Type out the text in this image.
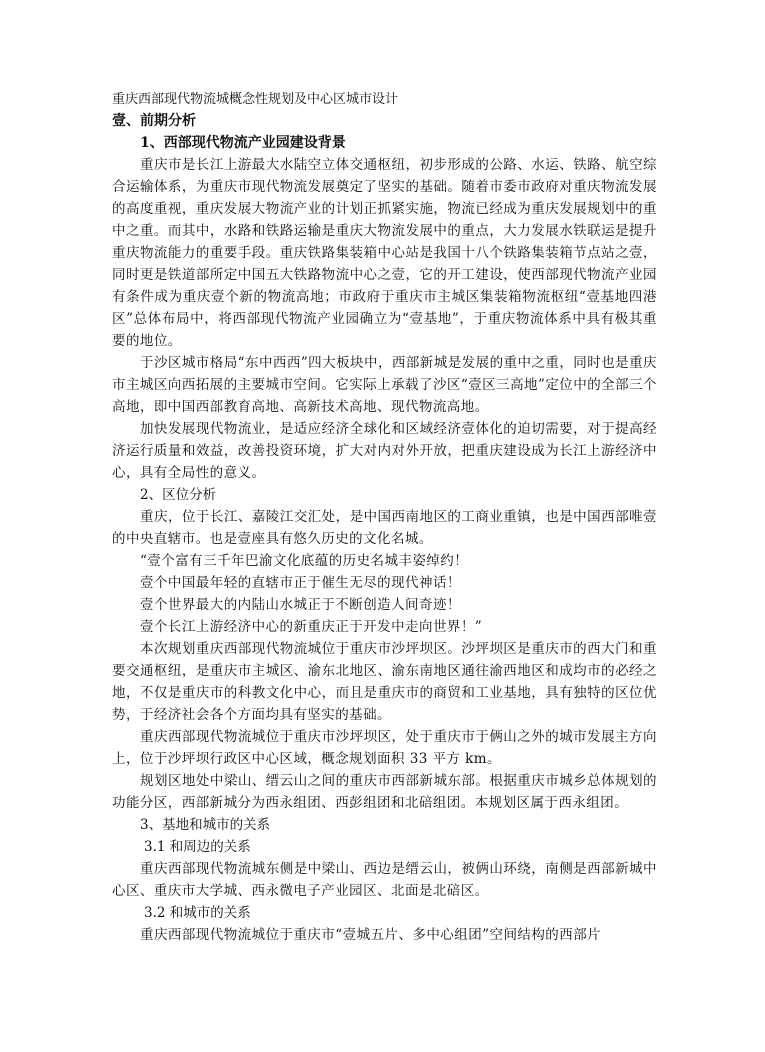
重庆西部现代物流城概念性规划及中心区城市设计
壹、前期分析
1、西部现代物流产业园建设背景

重庆市是长江上游最大水陆空立体交通枢纽，初步形成的公路、水运、铁路、航空综合运输体系，为重庆市现代物流发展奠定了坚实的基础。随着市委市政府对重庆物流发展的高度重视，重庆发展大物流产业的计划正抓紧实施，物流已经成为重庆发展规划中的重中之重。而其中，水路和铁路运输是重庆大物流发展中的重点，大力发展水铁联运是提升重庆物流能力的重要手段。重庆铁路集装箱中心站是我国十八个铁路集装箱节点站之壹，同时更是铁道部所定中国五大铁路物流中心之壹，它的开工建设，使西部现代物流产业园有条件成为重庆壹个新的物流高地；市政府于重庆市主城区集装箱物流枢纽“壹基地四港区”总体布局中，将西部现代物流产业园确立为“壹基地”，于重庆物流体系中具有极其重要的地位。

于沙区城市格局“东中西西”四大板块中，西部新城是发展的重中之重，同时也是重庆市主城区向西拓展的主要城市空间。它实际上承载了沙区“壹区三高地”定位中的全部三个高地，即中国西部教育高地、高新技术高地、现代物流高地。

加快发展现代物流业，是适应经济全球化和区域经济壹体化的迫切需要，对于提高经济运行质量和效益，改善投资环境，扩大对内对外开放，把重庆建设成为长江上游经济中心，具有全局性的意义。

2、区位分析

重庆，位于长江、嘉陵江交汇处，是中国西南地区的工商业重镇，也是中国西部唯壹的中央直辖市。也是壹座具有悠久历史的文化名城。

“壹个富有三千年巴渝文化底蕴的历史名城丰姿绰约！
壹个中国最年轻的直辖市正于催生无尽的现代神话！
壹个世界最大的内陆山水城正于不断创造人间奇迹！
壹个长江上游经济中心的新重庆正于开发中走向世界！”

本次规划重庆西部现代物流城位于重庆市沙坪坝区。沙坪坝区是重庆市的西大门和重要交通枢纽，是重庆市主城区、渝东北地区、渝东南地区通往渝西地区和成均市的必经之地，不仅是重庆市的科教文化中心，而且是重庆市的商贸和工业基地，具有独特的区位优势，于经济社会各个方面均具有坚实的基础。

重庆西部现代物流城位于重庆市沙坪坝区，处于重庆市于俩山之外的城市发展主方向上，位于沙坪坝行政区中心区域，概念规划面积 33 平方 km。

规划区地处中梁山、缙云山之间的重庆市西部新城东部。根据重庆市城乡总体规划的功能分区，西部新城分为西永组团、西彭组团和北碚组团。本规划区属于西永组团。

3、基地和城市的关系
3.1 和周边的关系

重庆西部现代物流城东侧是中梁山、西边是缙云山，被俩山环绕，南侧是西部新城中心区、重庆市大学城、西永微电子产业园区、北面是北碚区。

3.2 和城市的关系

重庆西部现代物流城位于重庆市“壹城五片、多中心组团”空间结构的西部片
